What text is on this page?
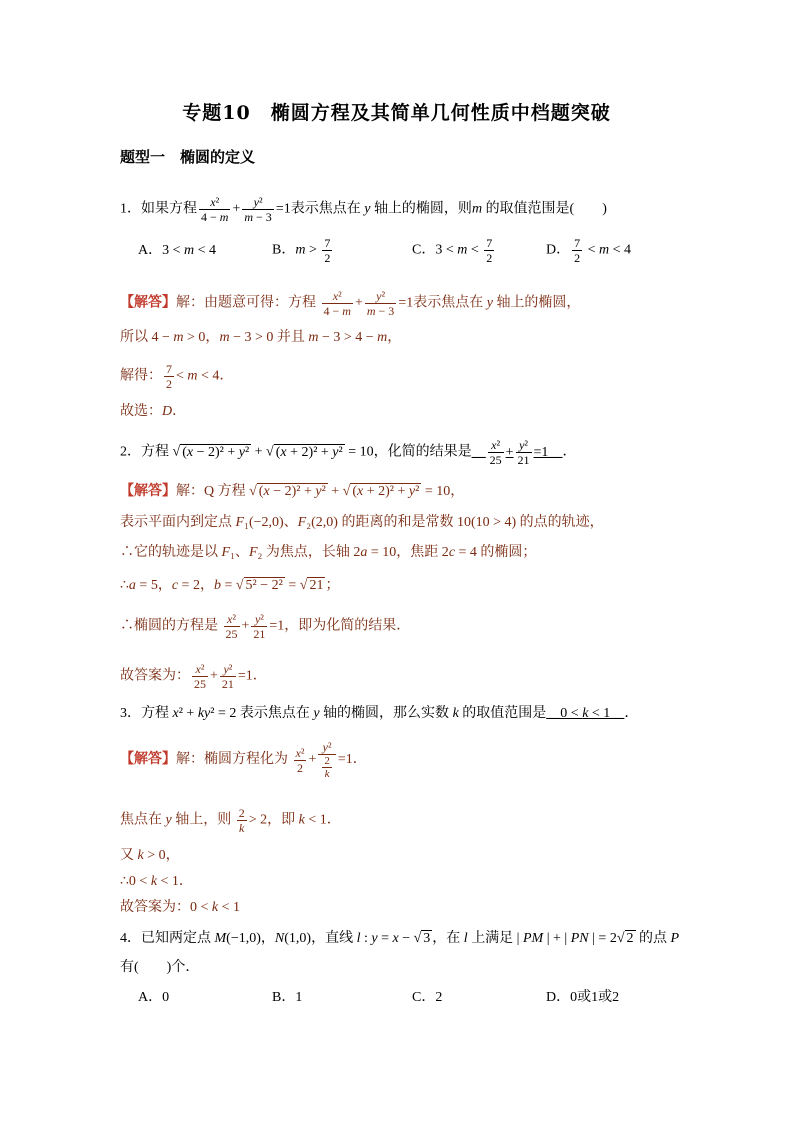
专题10　椭圆方程及其简单几何性质中档题突破
题型一　椭圆的定义
1．如果方程 $\frac{\text{x²}}{4 - m} + \frac{\text{y²}}{m - 3} =1$表示焦点在 y 轴上的椭圆，则m 的取值范围是(　　)
A．3 < m < 4	B．$m > \frac{7}{2}$	C．$3 < m < \frac{7}{2}$	D． $\frac{7}{2} < m < 4$
【解答】解：由题意可得：方程 $\frac{\text{x²}}{4 - m} + \frac{\text{y²}}{m - 3} =1$表示焦点在 y 轴上的椭圆，
所以 4 − m > 0，m − 3 > 0 并且 m − 3 > 4 − m，
解得： $\frac{7}{2} < m < 4$．
故选：D．
2．方程 √ (x − 2)² + y² + √ (x + 2)² + y² = 10，化简的结果是__ $\frac{\text{x²}}{25} + \frac{\text{y²}}{21}$ =1__．
【解答】解：Q 方程 √ (x − 2)² + y² + √ (x + 2)² + y² = 10，
表示平面内到定点 F₁(−2,0)、F₂(2,0) 的距离的和是常数 10(10 > 4) 的点的轨迹，
∴它的轨迹是以 F₁、F₂ 为焦点，长轴 2a = 10，焦距 2c = 4 的椭圆；
∴a = 5，c = 2，b = √ 5² − 2² = √ 21 ；
∴椭圆的方程是 $\frac{\text{x²}}{25} + \frac{\text{y²}}{21} =1$，即为化简的结果．
故答案为： $\frac{\text{x²}}{25} + \frac{\text{y²}}{21} =1$．
3．方程 x² + ky² = 2 表示焦点在 y 轴的椭圆，那么实数 k 的取值范围是__0 < k < 1__．
【解答】解：椭圆方程化为 $\frac{\text{x²}}{2} + \frac{\text{y²}}{\frac{2}{k}} =1$．
焦点在 y 轴上，则 $\frac{2}{k} > 2$，即 k < 1．
又 k > 0，
∴0 < k < 1．
故答案为：0 < k < 1
4．已知两定点 M(−1,0)，N(1,0)，直线 l : y = x − √ 3 ，在 l 上满足 | PM | + | PN | = 2√ 2 的点 P
有(　　)个．
A．0	B．1	C．2	D．0或1或2
